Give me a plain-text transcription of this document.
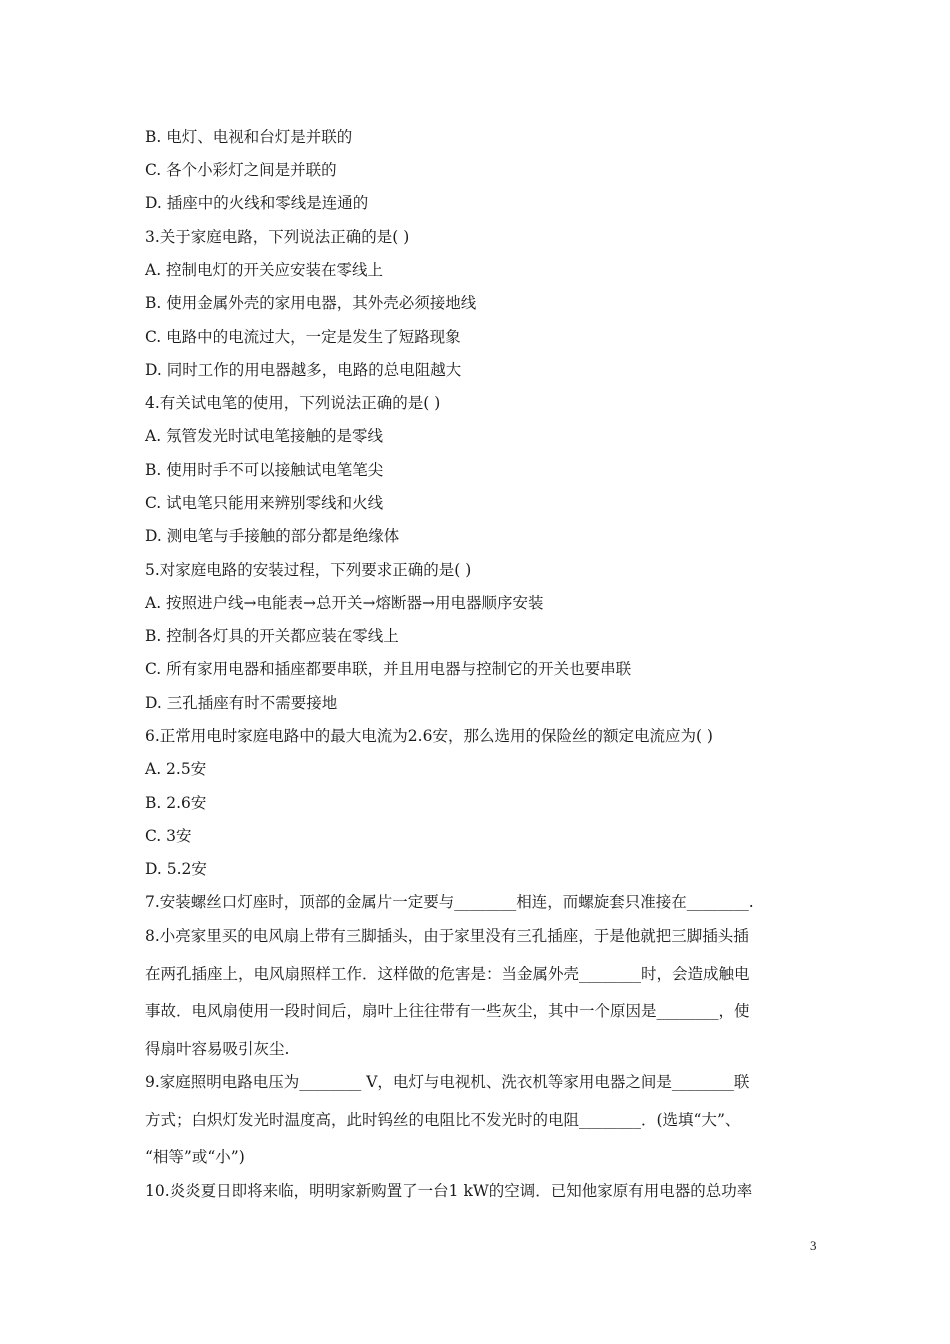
B. 电灯、电视和台灯是并联的
C. 各个小彩灯之间是并联的
D. 插座中的火线和零线是连通的
3.关于家庭电路，下列说法正确的是( )
A. 控制电灯的开关应安装在零线上
B. 使用金属外壳的家用电器，其外壳必须接地线
C. 电路中的电流过大，一定是发生了短路现象
D. 同时工作的用电器越多，电路的总电阻越大
4.有关试电笔的使用，下列说法正确的是( )
A. 氖管发光时试电笔接触的是零线
B. 使用时手不可以接触试电笔笔尖
C. 试电笔只能用来辨别零线和火线
D. 测电笔与手接触的部分都是绝缘体
5.对家庭电路的安装过程，下列要求正确的是( )
A. 按照进户线→电能表→总开关→熔断器→用电器顺序安装
B. 控制各灯具的开关都应装在零线上
C. 所有家用电器和插座都要串联，并且用电器与控制它的开关也要串联
D. 三孔插座有时不需要接地
6.正常用电时家庭电路中的最大电流为2.6安，那么选用的保险丝的额定电流应为( )
A. 2.5安
B. 2.6安
C. 3安
D. 5.2安
7.安装螺丝口灯座时，顶部的金属片一定要与________相连，而螺旋套只准接在________.
8.小亮家里买的电风扇上带有三脚插头，由于家里没有三孔插座，于是他就把三脚插头插
在两孔插座上，电风扇照样工作．这样做的危害是：当金属外壳________时，会造成触电
事故．电风扇使用一段时间后，扇叶上往往带有一些灰尘，其中一个原因是________，使
得扇叶容易吸引灰尘.
9.家庭照明电路电压为________ V，电灯与电视机、洗衣机等家用电器之间是________联
方式；白炽灯发光时温度高，此时钨丝的电阻比不发光时的电阻________．(选填“大”、
“相等”或“小”)
10.炎炎夏日即将来临，明明家新购置了一台1 kW的空调．已知他家原有用电器的总功率
3
